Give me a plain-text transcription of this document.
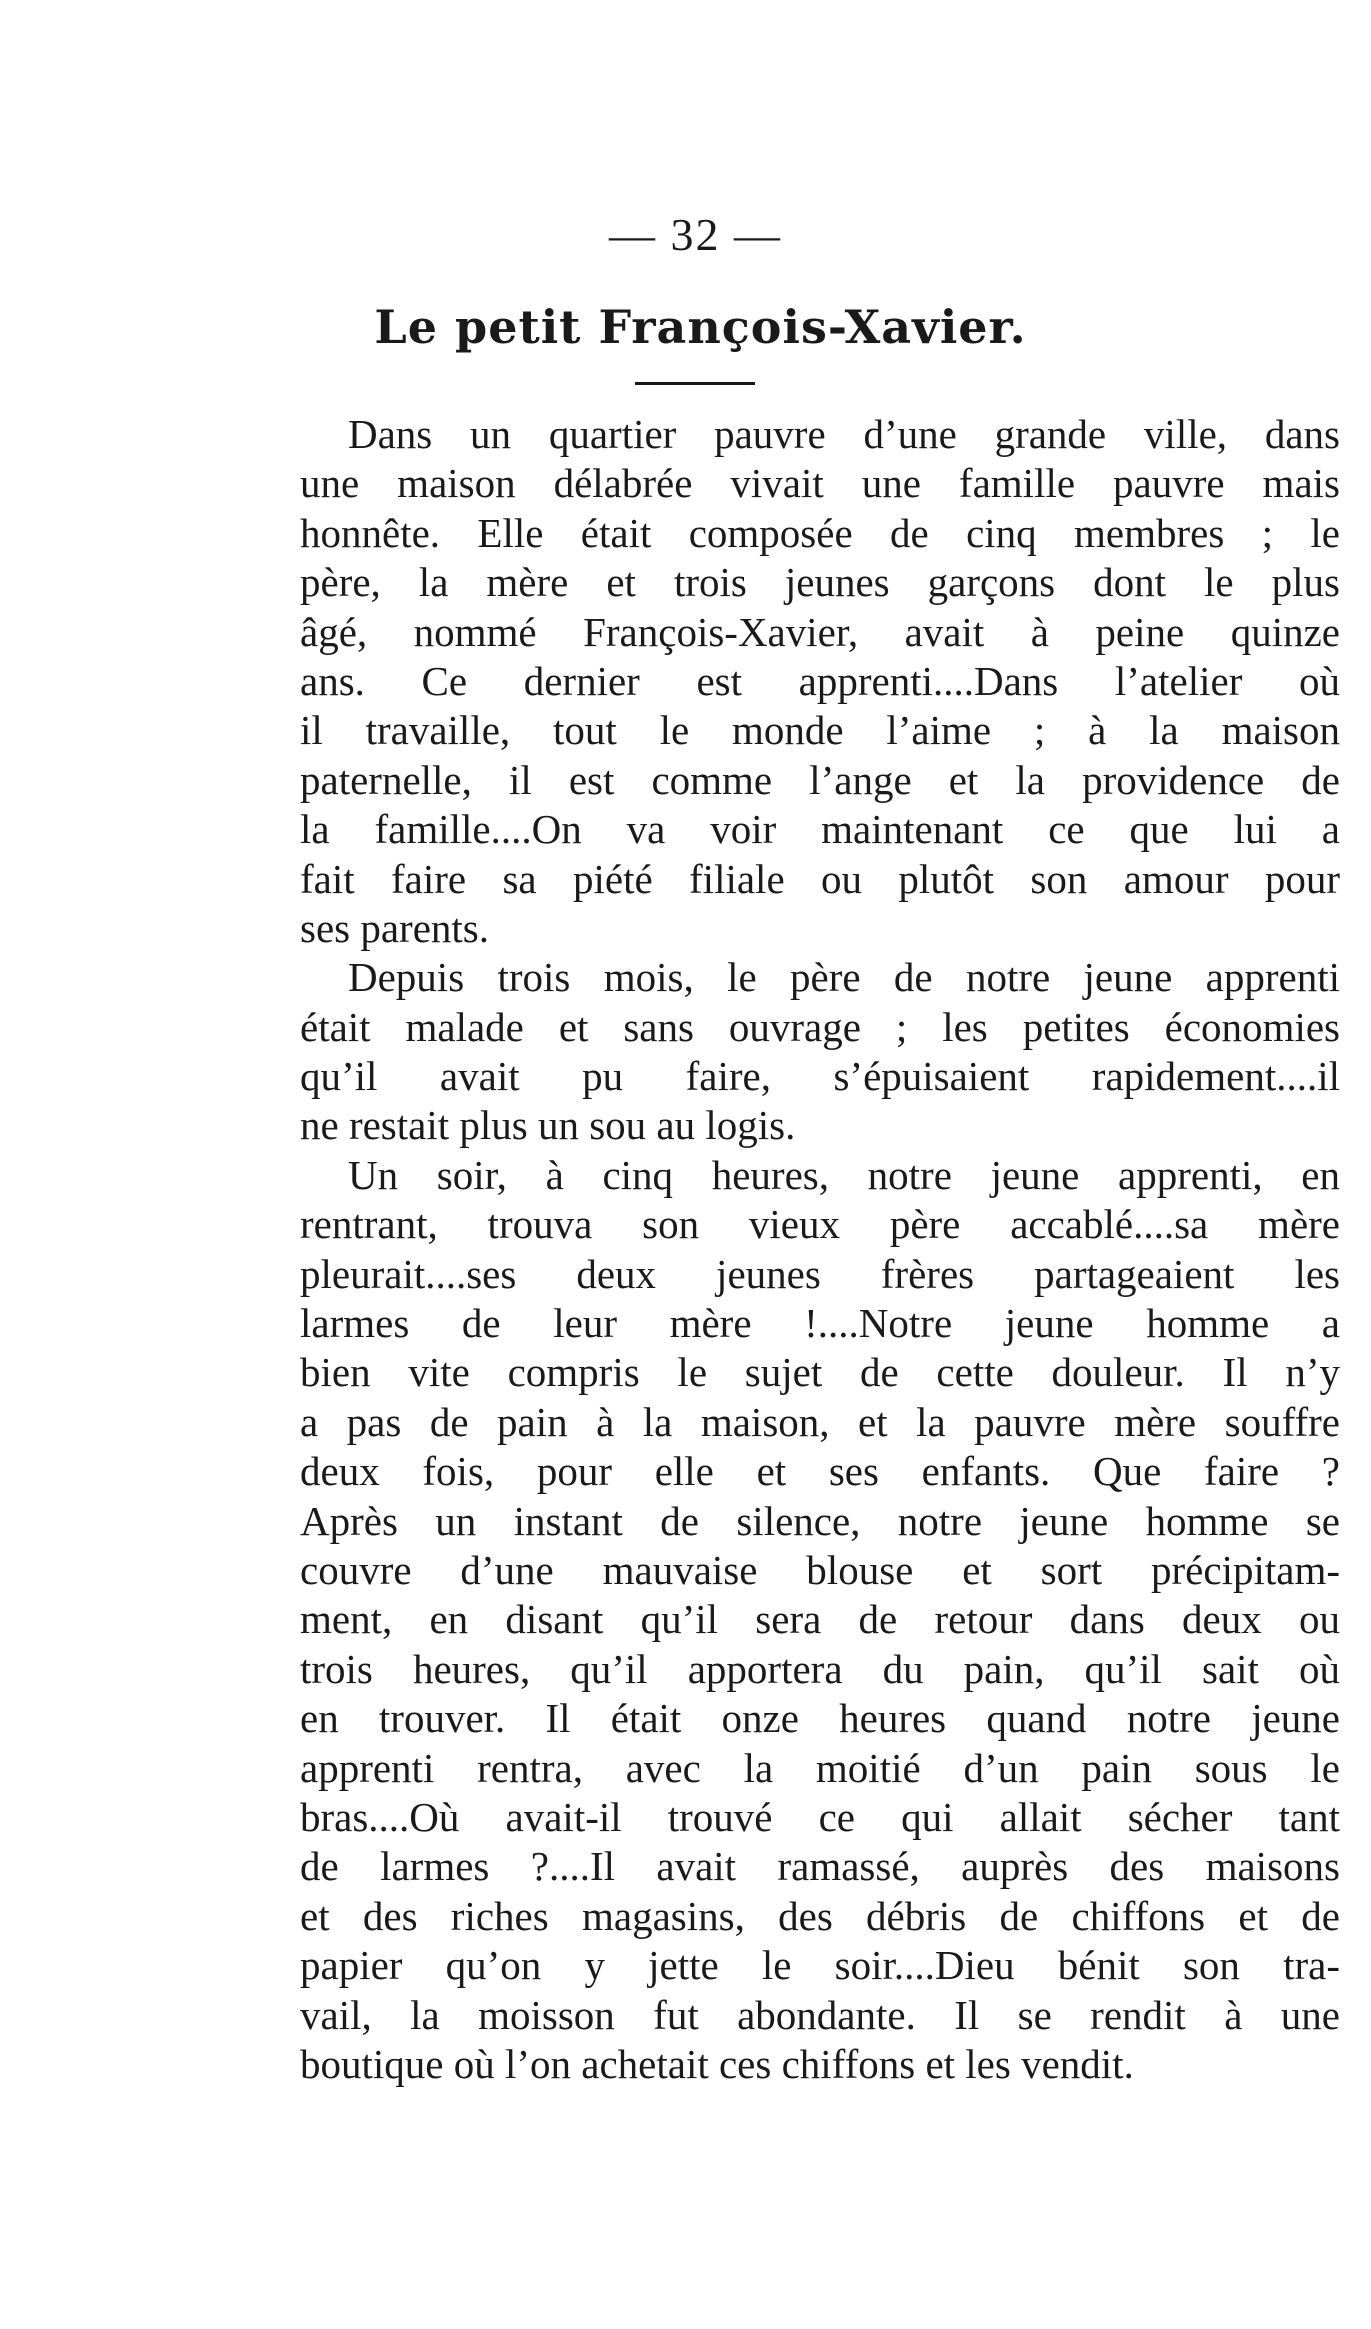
— 32 —
Le petit François-Xavier.
Dans un quartier pauvre d’une grande ville, dans
une maison délabrée vivait une famille pauvre mais
honnête. Elle était composée de cinq membres ; le
père, la mère et trois jeunes garçons dont le plus
âgé, nommé François-Xavier, avait à peine quinze
ans. Ce dernier est apprenti....Dans l’atelier où
il travaille, tout le monde l’aime ; à la maison
paternelle, il est comme l’ange et la providence de
la famille....On va voir maintenant ce que lui a
fait faire sa piété filiale ou plutôt son amour pour
ses parents.
Depuis trois mois, le père de notre jeune apprenti
était malade et sans ouvrage ; les petites économies
qu’il avait pu faire, s’épuisaient rapidement....il
ne restait plus un sou au logis.
Un soir, à cinq heures, notre jeune apprenti, en
rentrant, trouva son vieux père accablé....sa mère
pleurait....ses deux jeunes frères partageaient les
larmes de leur mère !....Notre jeune homme a
bien vite compris le sujet de cette douleur. Il n’y
a pas de pain à la maison, et la pauvre mère souffre
deux fois, pour elle et ses enfants. Que faire ?
Après un instant de silence, notre jeune homme se
couvre d’une mauvaise blouse et sort précipitam-
ment, en disant qu’il sera de retour dans deux ou
trois heures, qu’il apportera du pain, qu’il sait où
en trouver. Il était onze heures quand notre jeune
apprenti rentra, avec la moitié d’un pain sous le
bras....Où avait-il trouvé ce qui allait sécher tant
de larmes ?....Il avait ramassé, auprès des maisons
et des riches magasins, des débris de chiffons et de
papier qu’on y jette le soir....Dieu bénit son tra-
vail, la moisson fut abondante. Il se rendit à une
boutique où l’on achetait ces chiffons et les vendit.
